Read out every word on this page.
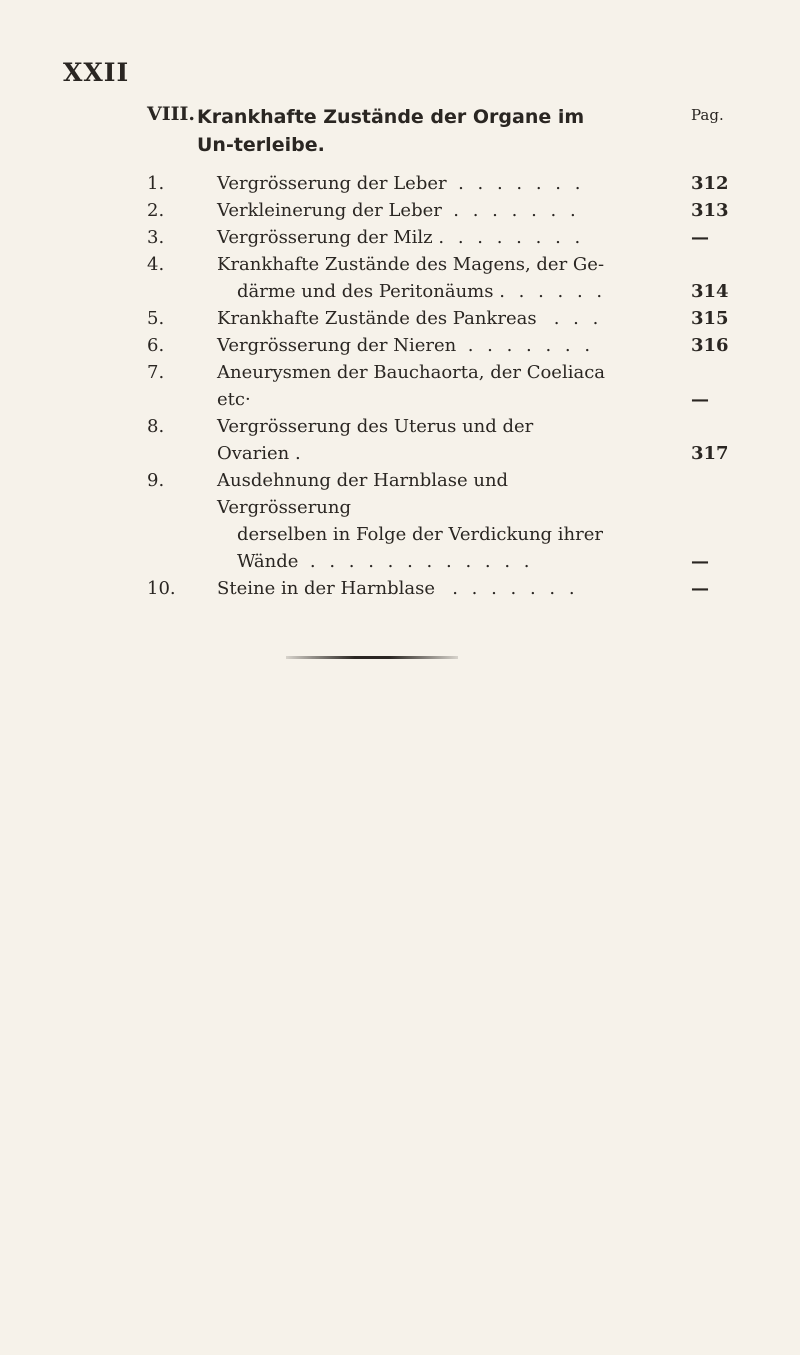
XXII
VIII. Krankhafte Zustände der Organe im Un-terleibe.
Pag.
1.	Vergrösserung der Leber . . . . . . .	312
2.	Verkleinerung der Leber . . . . . . .	313
3.	Vergrösserung der Milz . . . . . . . .	—
4.	Krankhafte Zustände des Magens, der Ge-
därme und des Peritonäums . . . . . .	314
5.	Krankhafte Zustände des Pankreas . . .	315
6.	Vergrösserung der Nieren . . . . . . .	316
7.	Aneurysmen der Bauchaorta, der Coeliaca etc·	—
8.	Vergrösserung des Uterus und der Ovarien .	317
9.	Ausdehnung der Harnblase und Vergrösserung
derselben in Folge der Verdickung ihrer
Wände . . . . . . . . . . . .	—
10.	Steine in der Harnblase . . . . . . .	—
